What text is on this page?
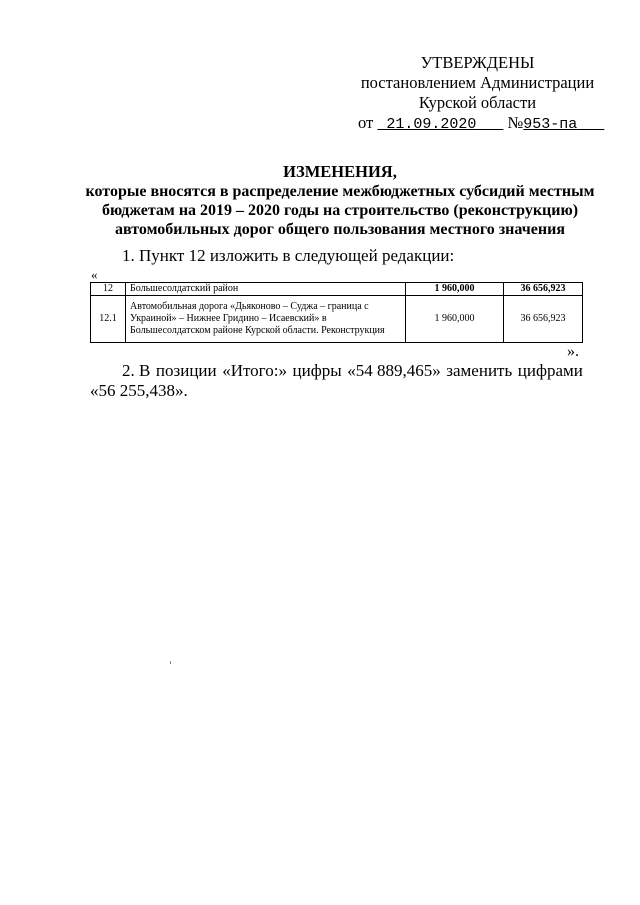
УТВЕРЖДЕНЫ
постановлением Администрации
Курской области
от 21.09.2020 №953-па
ИЗМЕНЕНИЯ,
которые вносятся в распределение межбюджетных субсидий местным
бюджетам на 2019 – 2020 годы на строительство (реконструкцию)
автомобильных дорог общего пользования местного значения
1. Пункт 12 изложить в следующей редакции:
«
12	Большесолдатский район	1 960,000	36 656,923
12.1	Автомобильная дорога «Дьяконово – Суджа – граница с Украиной» – Нижнее Гридино – Исаевский» в Большесолдатском районе Курской области. Реконструкция	1 960,000	36 656,923
».
2. В позиции «Итого:» цифры «54 889,465» заменить цифрами
«56 255,438».
